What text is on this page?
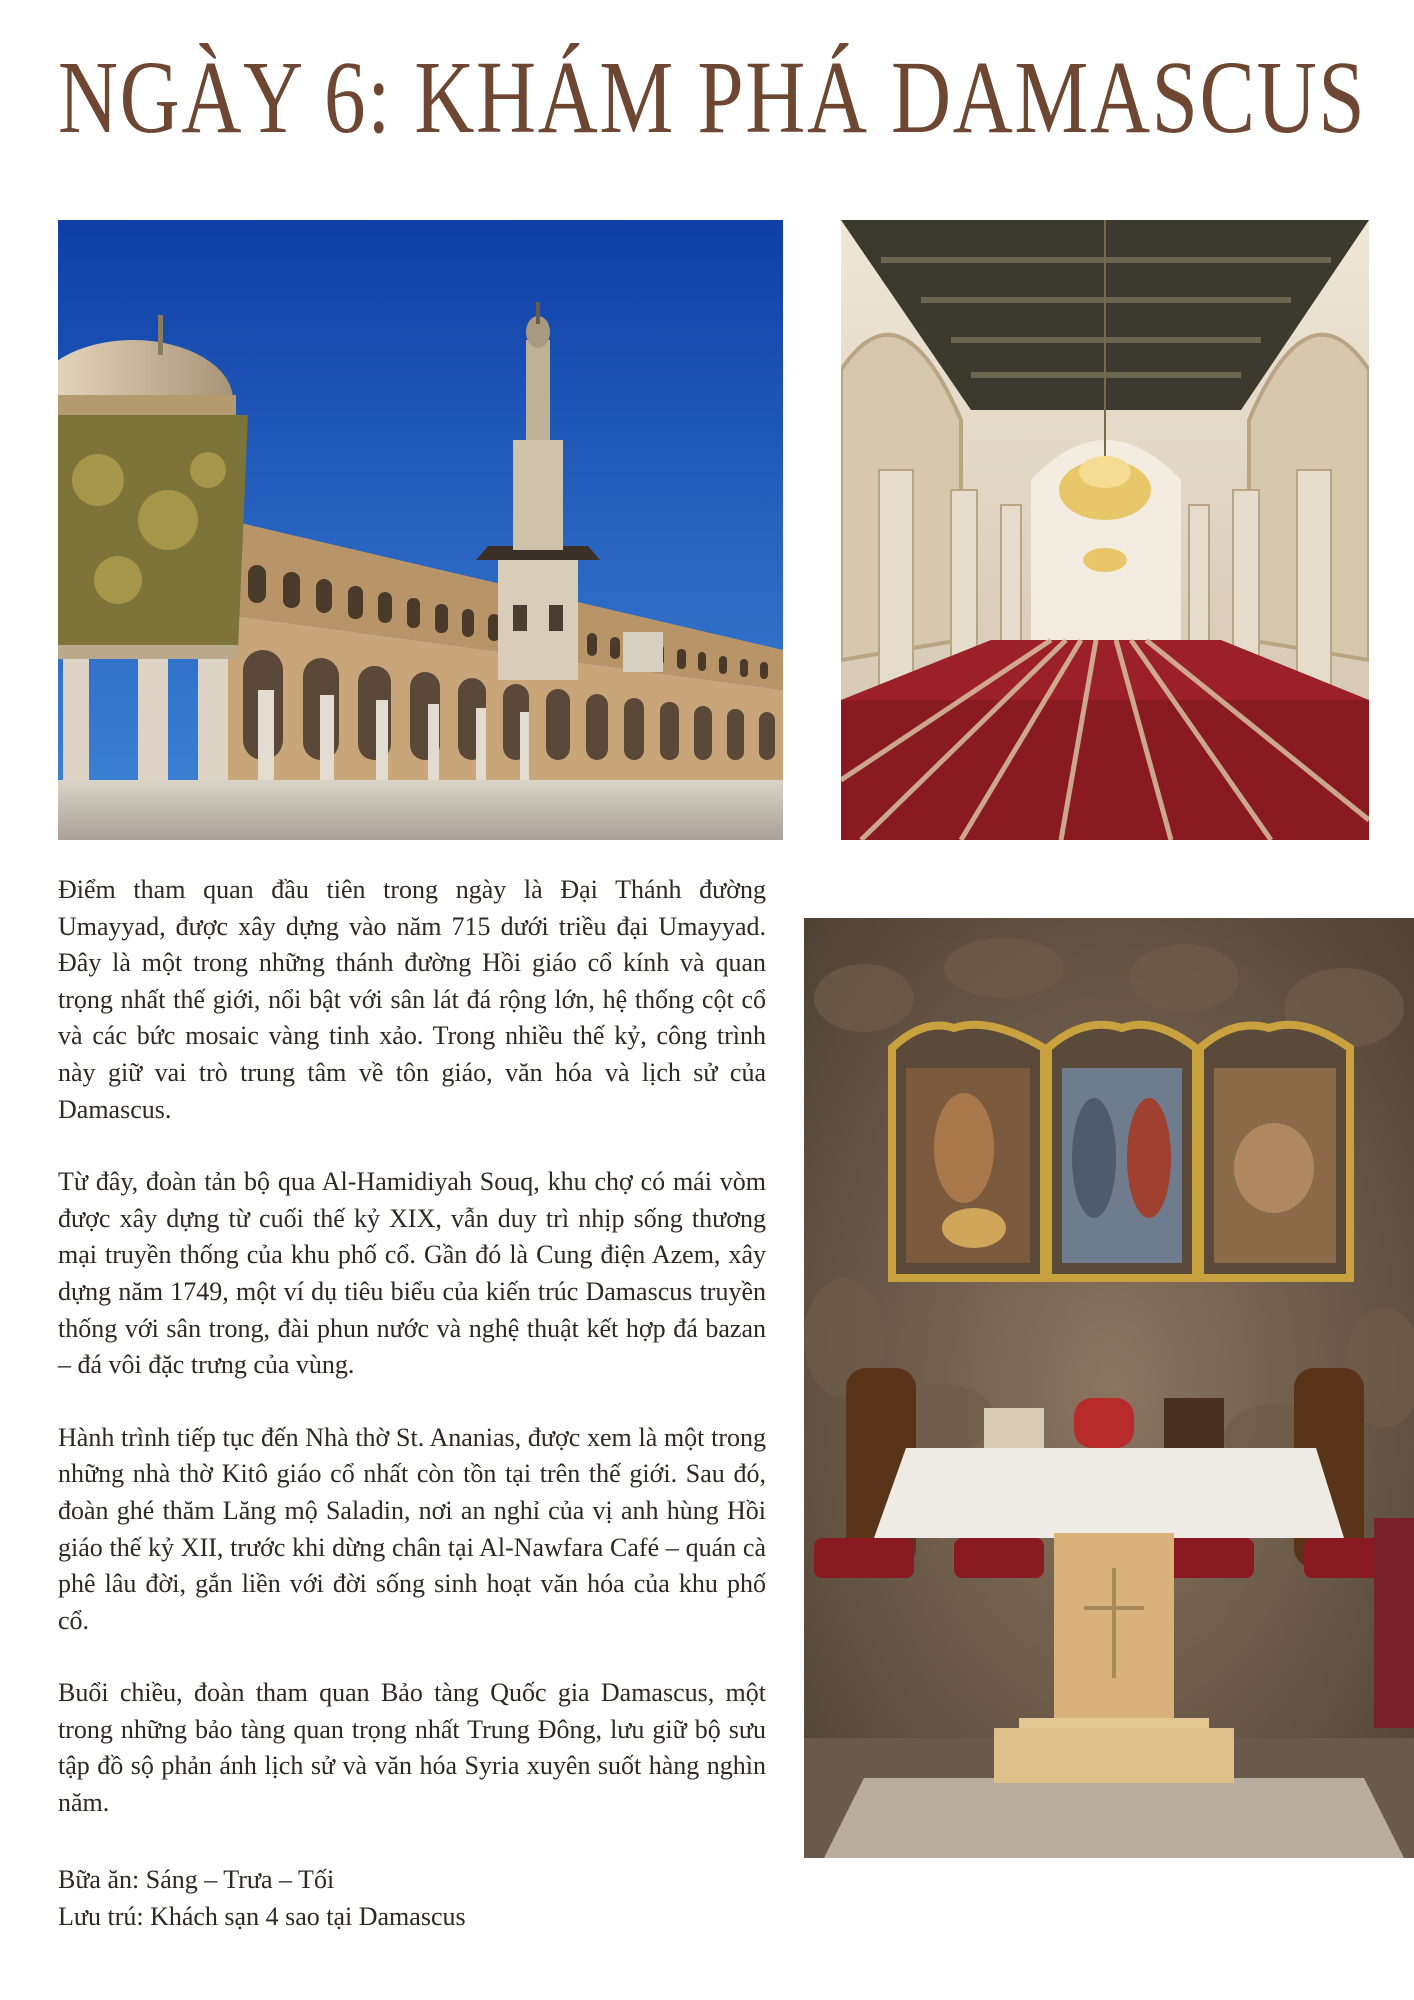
NGÀY 6: KHÁM PHÁ DAMASCUS

Điểm tham quan đầu tiên trong ngày là Đại Thánh đường Umayyad, được xây dựng vào năm 715 dưới triều đại Umayyad. Đây là một trong những thánh đường Hồi giáo cổ kính và quan trọng nhất thế giới, nổi bật với sân lát đá rộng lớn, hệ thống cột cổ và các bức mosaic vàng tinh xảo. Trong nhiều thế kỷ, công trình này giữ vai trò trung tâm về tôn giáo, văn hóa và lịch sử của Damascus.

Từ đây, đoàn tản bộ qua Al-Hamidiyah Souq, khu chợ có mái vòm được xây dựng từ cuối thế kỷ XIX, vẫn duy trì nhịp sống thương mại truyền thống của khu phố cổ. Gần đó là Cung điện Azem, xây dựng năm 1749, một ví dụ tiêu biểu của kiến trúc Damascus truyền thống với sân trong, đài phun nước và nghệ thuật kết hợp đá bazan – đá vôi đặc trưng của vùng.

Hành trình tiếp tục đến Nhà thờ St. Ananias, được xem là một trong những nhà thờ Kitô giáo cổ nhất còn tồn tại trên thế giới. Sau đó, đoàn ghé thăm Lăng mộ Saladin, nơi an nghỉ của vị anh hùng Hồi giáo thế kỷ XII, trước khi dừng chân tại Al-Nawfara Café – quán cà phê lâu đời, gắn liền với đời sống sinh hoạt văn hóa của khu phố cổ.

Buổi chiều, đoàn tham quan Bảo tàng Quốc gia Damascus, một trong những bảo tàng quan trọng nhất Trung Đông, lưu giữ bộ sưu tập đồ sộ phản ánh lịch sử và văn hóa Syria xuyên suốt hàng nghìn năm.

Bữa ăn: Sáng – Trưa – Tối
Lưu trú: Khách sạn 4 sao tại Damascus
